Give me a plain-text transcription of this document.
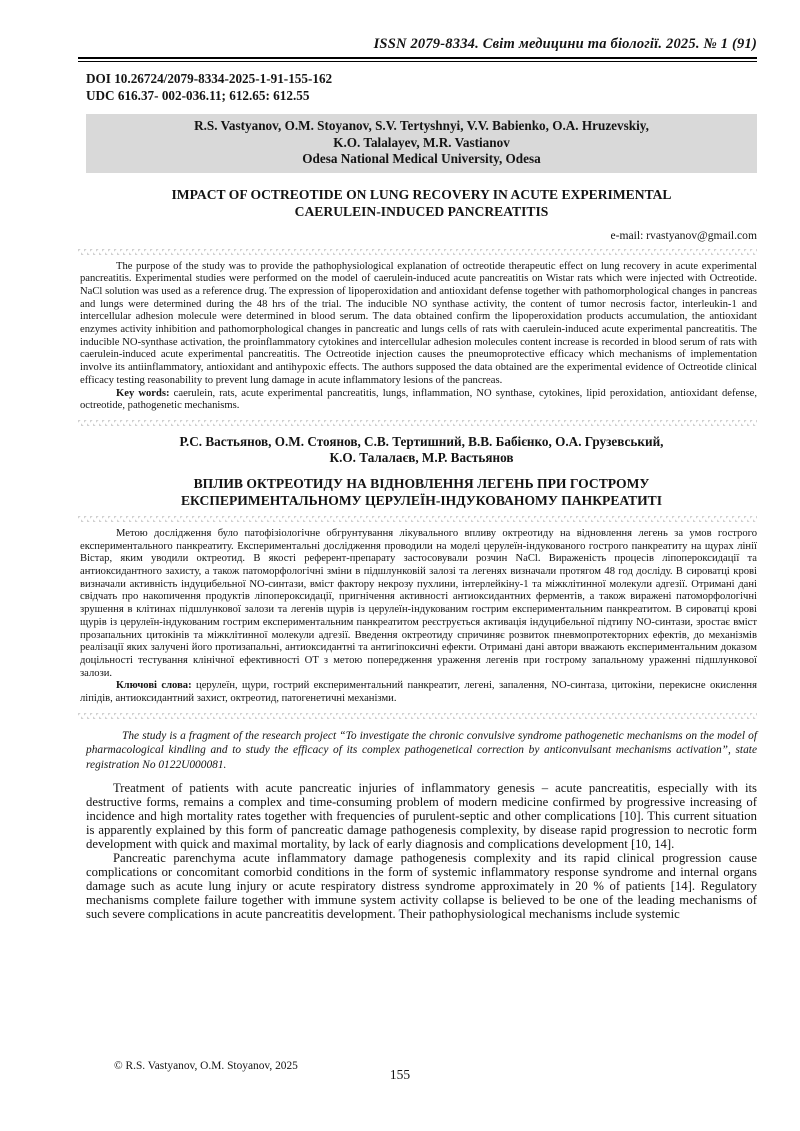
ISSN 2079-8334. Світ медицини та біології. 2025. № 1 (91)
DOI 10.26724/2079-8334-2025-1-91-155-162
UDC 616.37- 002-036.11; 612.65: 612.55
R.S. Vastyanov, O.M. Stoyanov, S.V. Tertyshnyi, V.V. Babienko, O.A. Hruzevskiy,
K.O. Talalayev, M.R. Vastianov
Odesa National Medical University, Odesa
IMPACT OF OCTREOTIDE ON LUNG RECOVERY IN ACUTE EXPERIMENTAL
CAERULEIN-INDUCED PANCREATITIS
e-mail: rvastyanov@gmail.com

The purpose of the study was to provide the pathophysiological explanation of octreotide therapeutic effect on lung recovery in acute experimental pancreatitis. Experimental studies were performed on the model of caerulein-induced acute pancreatitis on Wistar rats which were injected with Octreotide. NaCl solution was used as a reference drug. The expression of lipoperoxidation and antioxidant defense together with pathomorphological changes in pancreas and lungs were determined during the 48 hrs of the trial. The inducible NO synthase activity, the content of tumor necrosis factor, interleukin-1 and intercellular adhesion molecule were determined in blood serum. The data obtained confirm the lipoperoxidation products accumulation, the antioxidant enzymes activity inhibition and pathomorphological changes in pancreatic and lungs cells of rats with caerulein-induced acute experimental pancreatitis. The inducible NO-synthase activation, the proinflammatory cytokines and intercellular adhesion molecules content increase is recorded in blood serum of rats with caerulein-induced acute experimental pancreatitis. The Octreotide injection causes the pneumoprotective efficacy which mechanisms of implementation involve its antiinflammatory, antioxidant and antihypoxic effects. The authors supposed the data obtained are the experimental evidence of Octreotide clinical efficacy testing reasonability to prevent lung damage in acute inflammatory lesions of the pancreas.

Key words: caerulein, rats, acute experimental pancreatitis, lungs, inflammation, NO synthase, cytokines, lipid peroxidation, antioxidant defense, octreotide, pathogenetic mechanisms.

Р.С. Вастьянов, О.М. Стоянов, С.В. Тертишний, В.В. Бабієнко, О.А. Грузевський,
К.О. Талалаєв, М.Р. Вастьянов
ВПЛИВ ОКТРЕОТИДУ НА ВІДНОВЛЕННЯ ЛЕГЕНЬ ПРИ ГОСТРОМУ
ЕКСПЕРИМЕНТАЛЬНОМУ ЦЕРУЛЕЇН-ІНДУКОВАНОМУ ПАНКРЕАТИТІ

Метою дослідження було патофізіологічне обгрунтування лікувального впливу октреотиду на відновлення легень за умов гострого експериментального панкреатиту. Експериментальні дослідження проводили на моделі церулеїн-індукованого гострого панкреатиту на щурах лінії Вістар, яким уводили октреотид. В якості референт-препарату застосовували розчин NaCl. Вираженість процесів ліпопероксидації та антиоксидантного захисту, а також патоморфологічні зміни в підшлунковій залозі та легенях визначали протягом 48 год досліду. В сироватці крові визначали активність індуцибельної NO-синтази, вміст фактору некрозу пухлини, інтерлейкіну-1 та міжклітинної молекули адгезії. Отримані дані свідчать про накопичення продуктів ліпопероксидації, пригнічення активності антиоксидантних ферментів, а також виражені патоморфологічні зрушення в клітинах підшлункової залози та легенів щурів із церулеїн-індукованим гострим експериментальним панкреатитом. В сироватці крові щурів із церулеїн-індукованим гострим експериментальним панкреатитом реєструється активація індуцибельної підтипу NO-синтази, зростає вміст прозапальних цитокінів та міжклітинної молекули адгезії. Введення октреотиду спричиняє розвиток пневмопротекторних ефектів, до механізмів реалізації яких залучені його протизапальні, антиоксидантні та антигіпоксичні ефекти. Отримані дані автори вважають експериментальним доказом доцільності тестування клінічної ефективності ОТ з метою попередження ураження легенів при гострому запальному ураженні підшлункової залози.

Ключові слова: церулеїн, щури, гострий експериментальний панкреатит, легені, запалення, NO-синтаза, цитокіни, перекисне окислення ліпідів, антиоксидантний захист, октреотид, патогенетичні механізми.

The study is a fragment of the research project “To investigate the chronic convulsive syndrome pathogenetic mechanisms on the model of pharmacological kindling and to study the efficacy of its complex pathogenetical correction by anticonvulsant mechanisms activation”, state registration No 0122U000081.

Treatment of patients with acute pancreatic injuries of inflammatory genesis – acute pancreatitis, especially with its destructive forms, remains a complex and time-consuming problem of modern medicine confirmed by progressive increasing of incidence and high mortality rates together with frequencies of purulent-septic and other complications [10]. This current situation is apparently explained by this form of pancreatic damage pathogenesis complexity, by disease rapid progression to necrotic form development with quick and maximal mortality, by lack of early diagnosis and complications development [10, 14].

Pancreatic parenchyma acute inflammatory damage pathogenesis complexity and its rapid clinical progression cause complications or concomitant comorbid conditions in the form of systemic inflammatory response syndrome and internal organs damage such as acute lung injury or acute respiratory distress syndrome approximately in 20 % of patients [14]. Regulatory mechanisms complete failure together with immune system activity collapse is believed to be one of the leading mechanisms of such severe complications in acute pancreatitis development. Their pathophysiological mechanisms include systemic

© R.S. Vastyanov, O.M. Stoyanov, 2025
155
